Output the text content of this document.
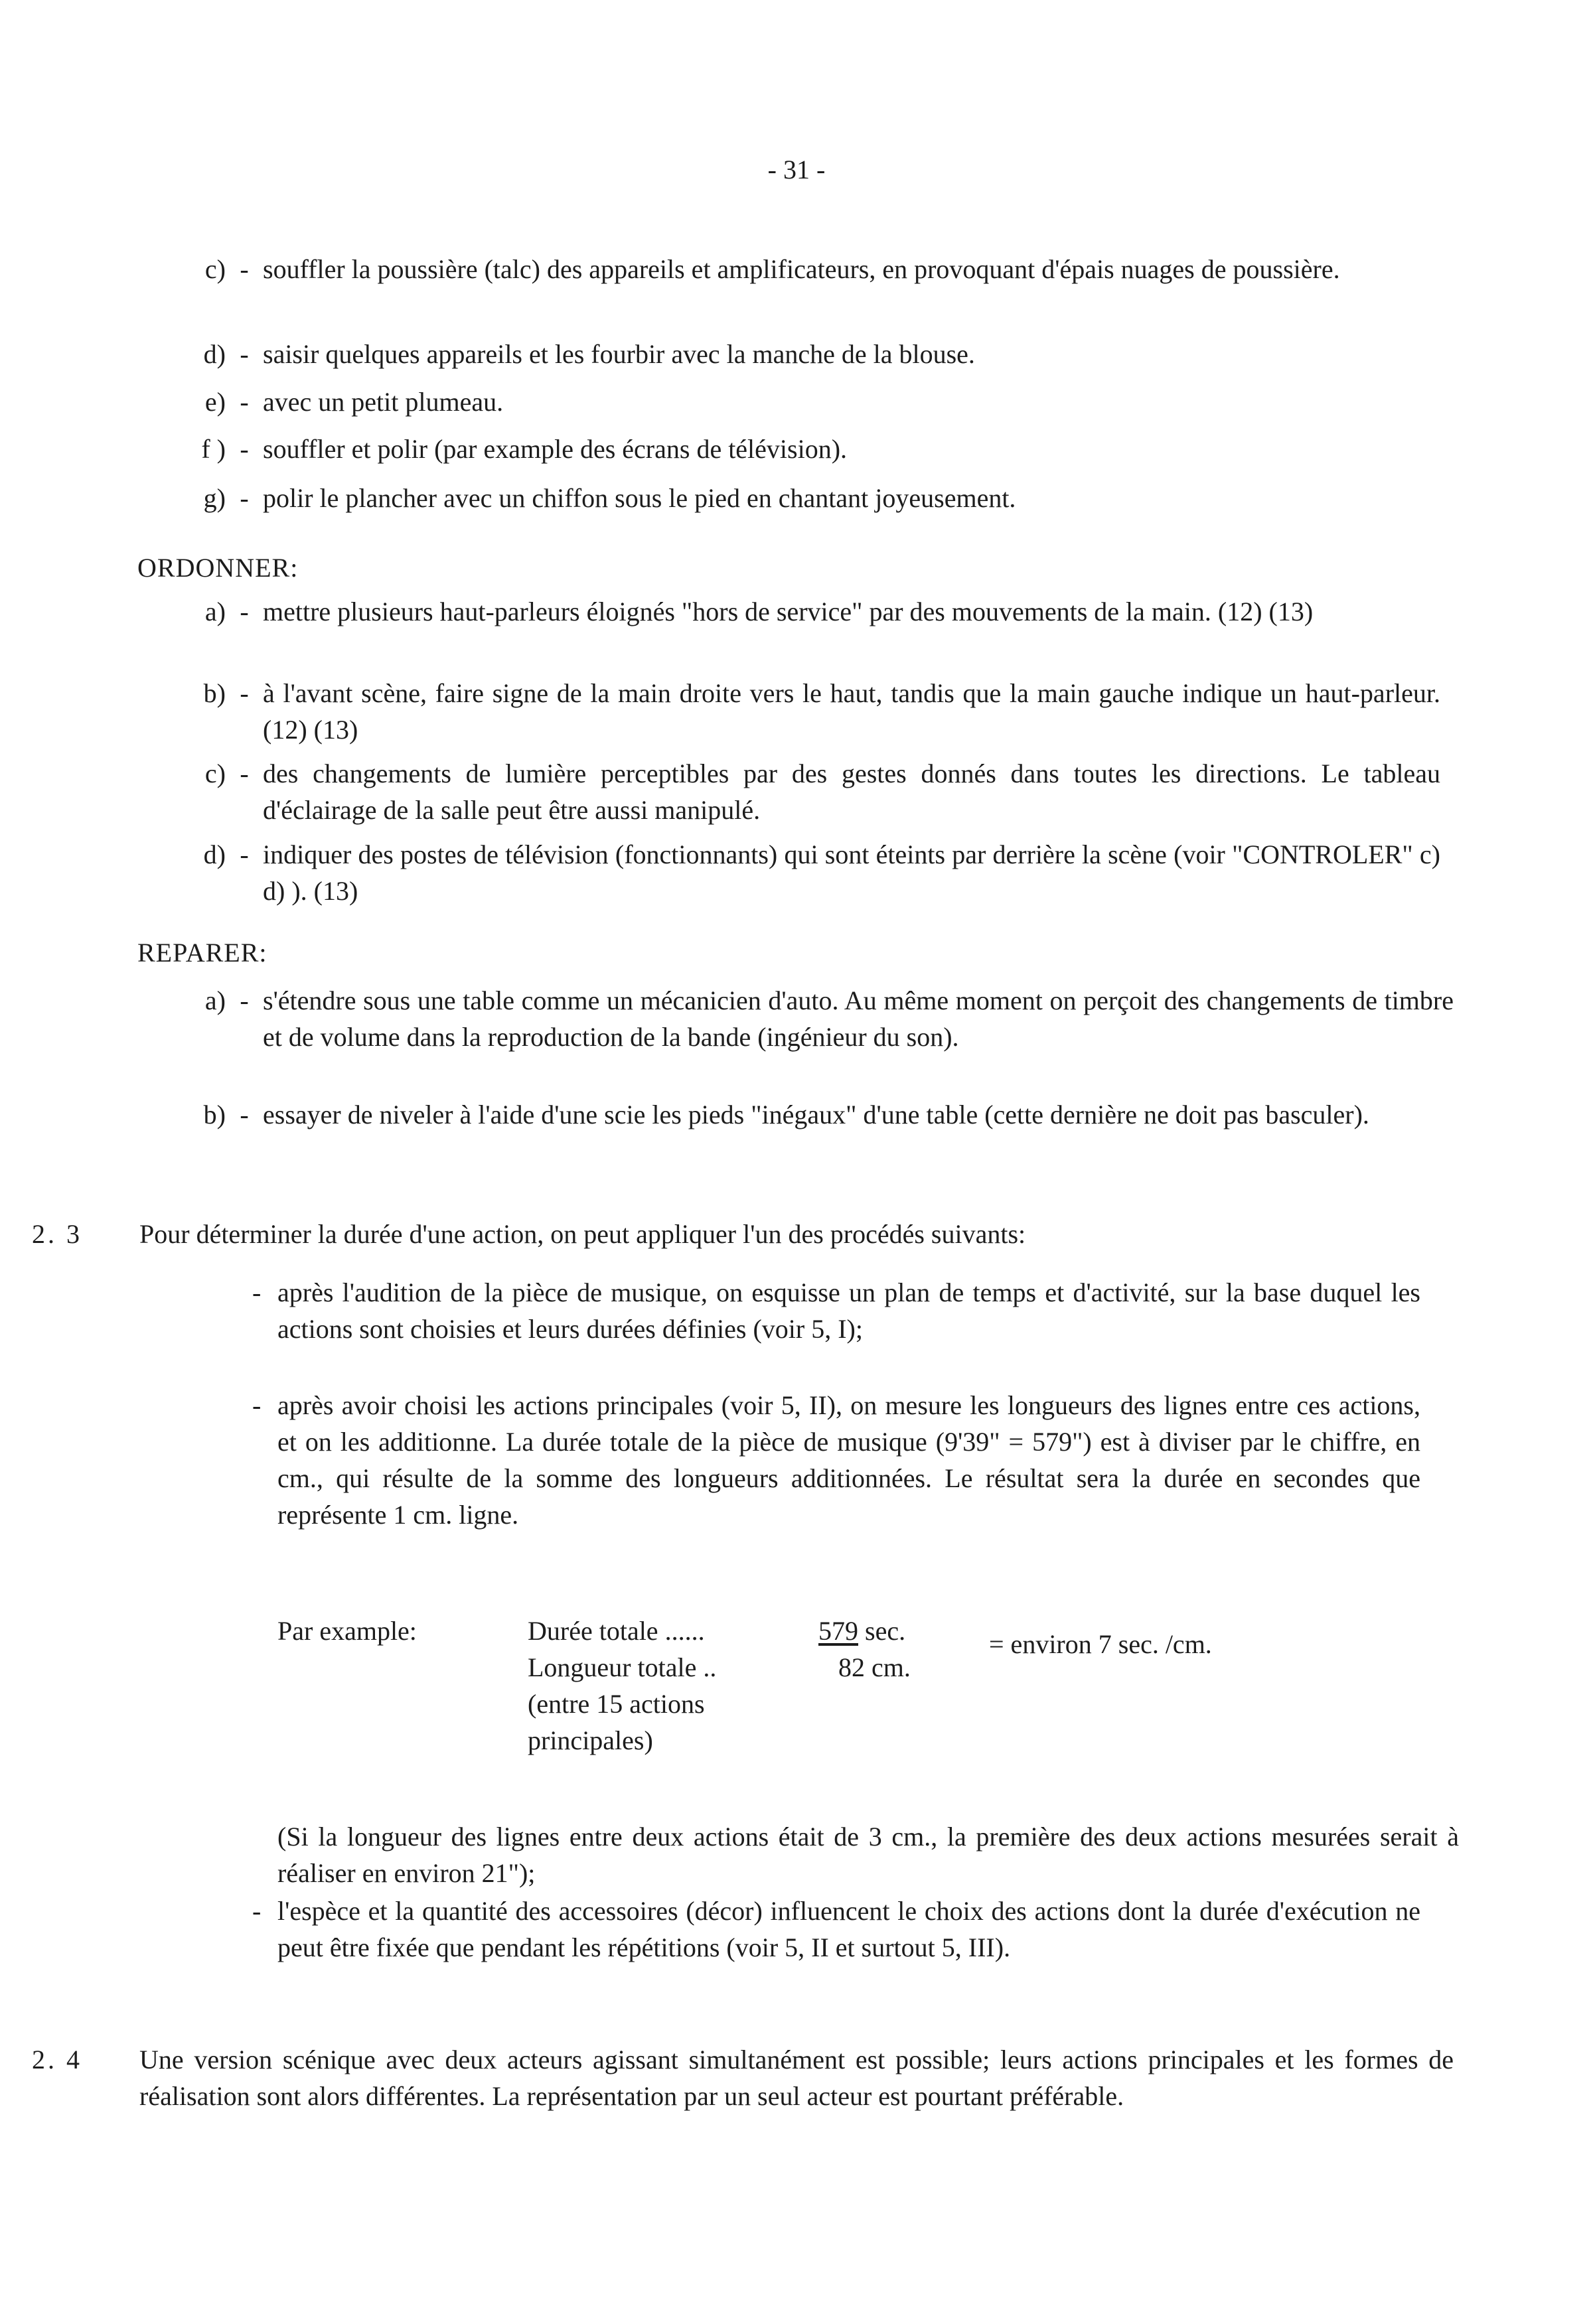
- 31 -
c) - souffler la poussière (talc) des appareils et amplificateurs, en provoquant d'épais nuages de poussière.
d) - saisir quelques appareils et les fourbir avec la manche de la blouse.
e) - avec un petit plumeau.
f ) - souffler et polir (par example des écrans de télévision).
g) - polir le plancher avec un chiffon sous le pied en chantant joyeusement.
ORDONNER:
a) - mettre plusieurs haut-parleurs éloignés "hors de service" par des mouvements de la main. (12) (13)
b) - à l'avant scène, faire signe de la main droite vers le haut, tandis que la main gauche indique un haut-parleur. (12) (13)
c) - des changements de lumière perceptibles par des gestes donnés dans toutes les directions. Le tableau d'éclairage de la salle peut être aussi manipulé.
d) - indiquer des postes de télévision (fonctionnants) qui sont éteints par derrière la scène (voir "CONTROLER" c) d) ). (13)
REPARER:
a) - s'étendre sous une table comme un mécanicien d'auto. Au même moment on perçoit des changements de timbre et de volume dans la reproduction de la bande (ingénieur du son).
b) - essayer de niveler à l'aide d'une scie les pieds "inégaux" d'une table (cette dernière ne doit pas basculer).
2. 3 Pour déterminer la durée d'une action, on peut appliquer l'un des procédés suivants:
- après l'audition de la pièce de musique, on esquisse un plan de temps et d'activité, sur la base duquel les actions sont choisies et leurs durées définies (voir 5, I);
- après avoir choisi les actions principales (voir 5, II), on mesure les longueurs des lignes entre ces actions, et on les additionne. La durée totale de la pièce de musique (9'39" = 579") est à diviser par le chiffre, en cm., qui résulte de la somme des longueurs additionnées. Le résultat sera la durée en secondes que représente 1 cm. ligne.
Par example:	Durée totale ......
Longueur totale ..
(entre 15 actions
principales)
579 sec.
82 cm.
= environ 7 sec. /cm.
(Si la longueur des lignes entre deux actions était de 3 cm., la première des deux actions mesurées serait à réaliser en environ 21");
- l'espèce et la quantité des accessoires (décor) influencent le choix des actions dont la durée d'exécution ne peut être fixée que pendant les répétitions (voir 5, II et surtout 5, III).
2. 4 Une version scénique avec deux acteurs agissant simultanément est possible; leurs actions principales et les formes de réalisation sont alors différentes. La représentation par un seul acteur est pourtant préférable.
